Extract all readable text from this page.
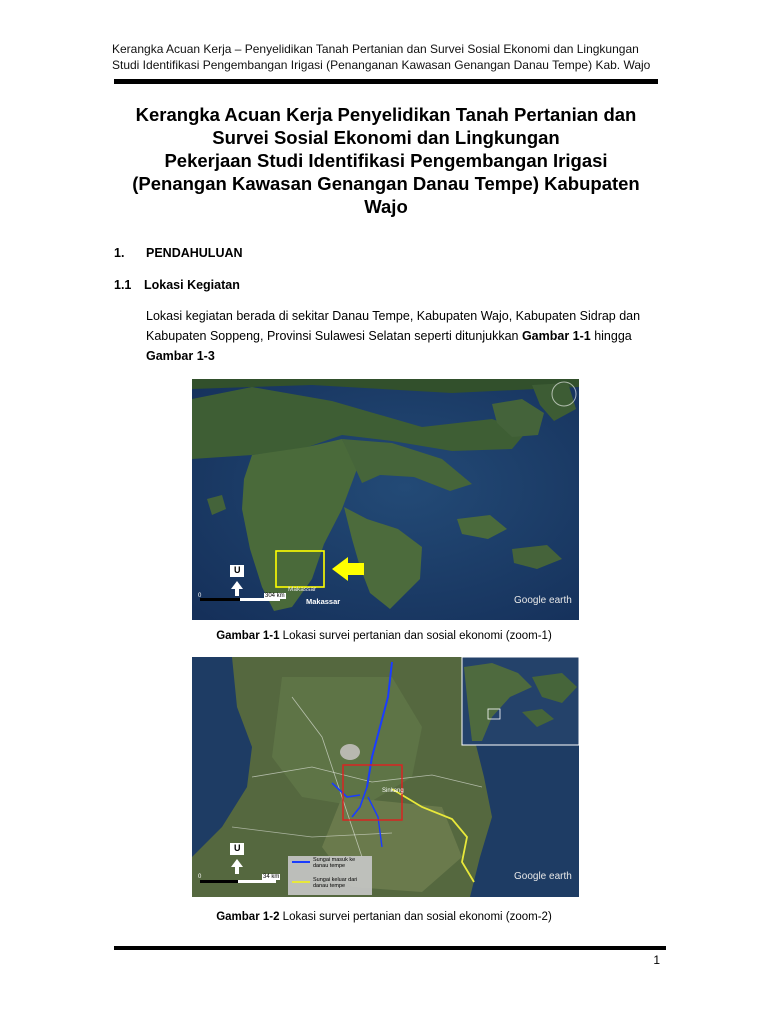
Kerangka Acuan Kerja – Penyelidikan Tanah Pertanian dan Survei Sosial Ekonomi dan Lingkungan
Studi Identifikasi Pengembangan Irigasi (Penanganan Kawasan Genangan Danau Tempe) Kab. Wajo
Kerangka Acuan Kerja Penyelidikan Tanah Pertanian dan
Survei Sosial Ekonomi dan Lingkungan
Pekerjaan Studi Identifikasi Pengembangan Irigasi
(Penangan Kawasan Genangan Danau Tempe) Kabupaten
Wajo
1. PENDAHULUAN
1.1 Lokasi Kegiatan
Lokasi kegiatan berada di sekitar Danau Tempe, Kabupaten Wajo, Kabupaten Sidrap dan Kabupaten Soppeng, Provinsi Sulawesi Selatan seperti ditunjukkan Gambar 1-1 hingga Gambar 1-3
U
0	304 km
Makassar
Makassar	Google earth
Gambar 1-1 Lokasi survei pertanian dan sosial ekonomi (zoom-1)
U
0	34 km
Sinkang
Sungai masuk ke danau tempe
Sungai keluar dari danau tempe
Google earth
Gambar 1-2 Lokasi survei pertanian dan sosial ekonomi (zoom-2)
1
